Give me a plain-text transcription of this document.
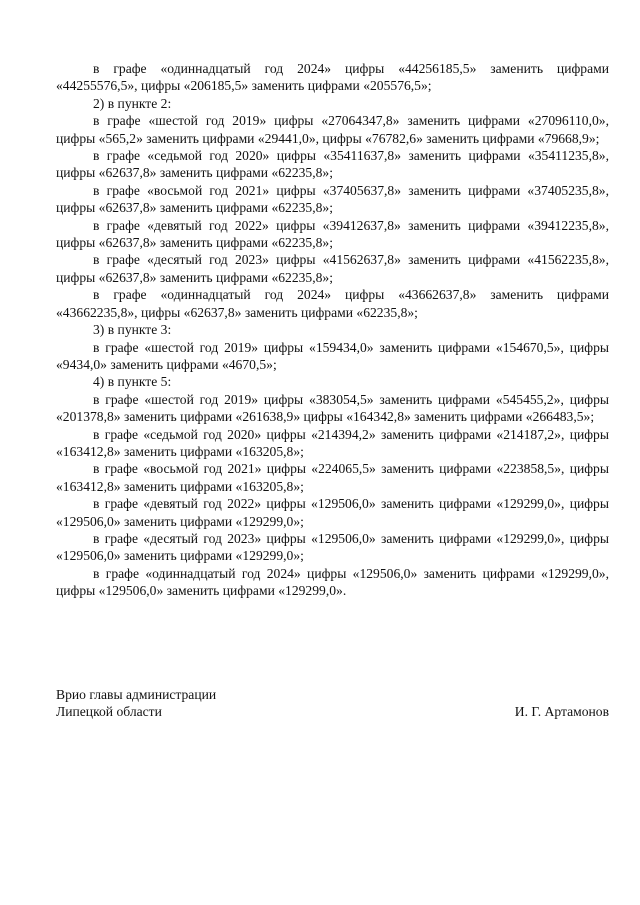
в графе «одиннадцатый год 2024» цифры «44256185,5» заменить цифрами «44255576,5», цифры «206185,5» заменить цифрами «205576,5»;

2) в пункте 2:

в графе «шестой год 2019» цифры «27064347,8» заменить цифрами «27096110,0», цифры «565,2» заменить цифрами «29441,0», цифры «76782,6» заменить цифрами «79668,9»;

в графе «седьмой год 2020» цифры «35411637,8» заменить цифрами «35411235,8», цифры «62637,8» заменить цифрами «62235,8»;

в графе «восьмой год 2021» цифры «37405637,8» заменить цифрами «37405235,8», цифры «62637,8» заменить цифрами «62235,8»;

в графе «девятый год 2022» цифры «39412637,8» заменить цифрами «39412235,8», цифры «62637,8» заменить цифрами «62235,8»;

в графе «десятый год 2023» цифры «41562637,8» заменить цифрами «41562235,8», цифры «62637,8» заменить цифрами «62235,8»;

в графе «одиннадцатый год 2024» цифры «43662637,8» заменить цифрами «43662235,8», цифры «62637,8» заменить цифрами «62235,8»;

3) в пункте 3:

в графе «шестой год 2019» цифры «159434,0» заменить цифрами «154670,5», цифры «9434,0» заменить цифрами «4670,5»;

4) в пункте 5:

в графе «шестой год 2019» цифры «383054,5» заменить цифрами «545455,2», цифры «201378,8» заменить цифрами «261638,9» цифры «164342,8» заменить цифрами «266483,5»;

в графе «седьмой год 2020» цифры «214394,2» заменить цифрами «214187,2», цифры «163412,8» заменить цифрами «163205,8»;

в графе «восьмой год 2021» цифры «224065,5» заменить цифрами «223858,5», цифры «163412,8» заменить цифрами «163205,8»;

в графе «девятый год 2022» цифры «129506,0» заменить цифрами «129299,0», цифры «129506,0» заменить цифрами «129299,0»;

в графе «десятый год 2023» цифры «129506,0» заменить цифрами «129299,0», цифры «129506,0» заменить цифрами «129299,0»;

в графе «одиннадцатый год 2024» цифры «129506,0» заменить цифрами «129299,0», цифры «129506,0» заменить цифрами «129299,0».

Врио главы администрации
Липецкой области	И. Г. Артамонов
